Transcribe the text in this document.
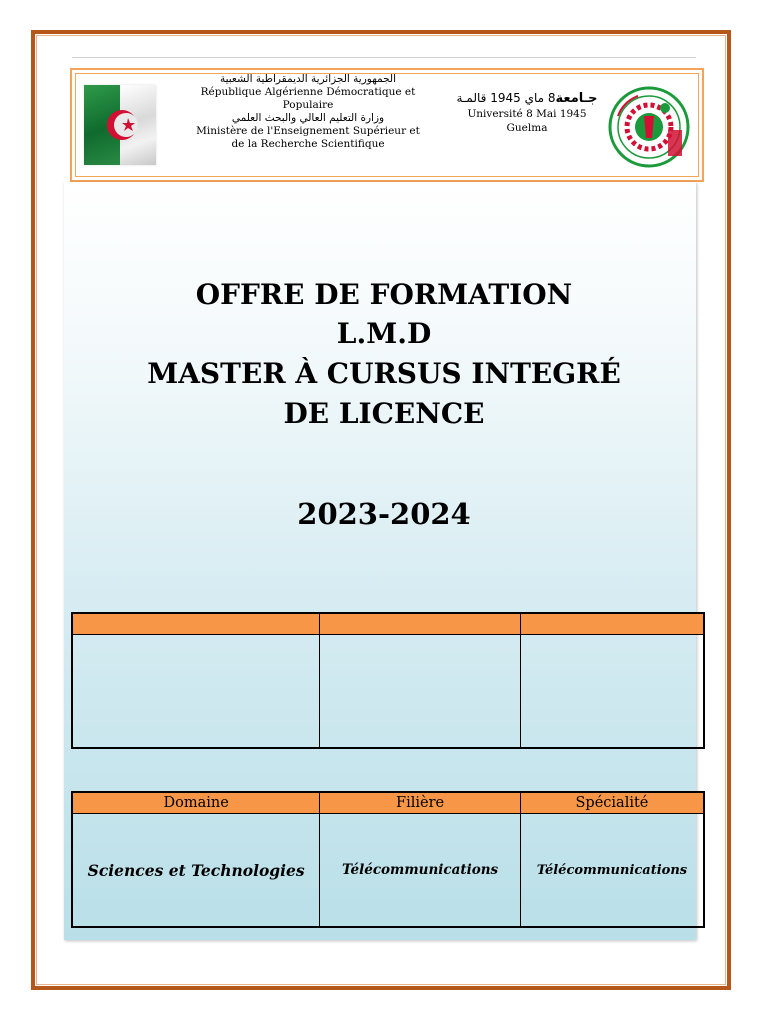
الجمهورية الجزائرية الديمقراطية الشعبية
République Algérienne Démocratique et Populaire
وزارة التعليم العالي والبحث العلمي
Ministère de l'Enseignement Supérieur et de la Recherche Scientifique
جـامعة8 ماي 1945 قالمـة
Université 8 Mai 1945 Guelma
OFFRE DE FORMATION
L.M.D
MASTER À CURSUS INTEGRÉ
DE LICENCE
2023-2024

Domaine	Filière	Spécialité
Sciences et Technologies	Télécommunications	Télécommunications
